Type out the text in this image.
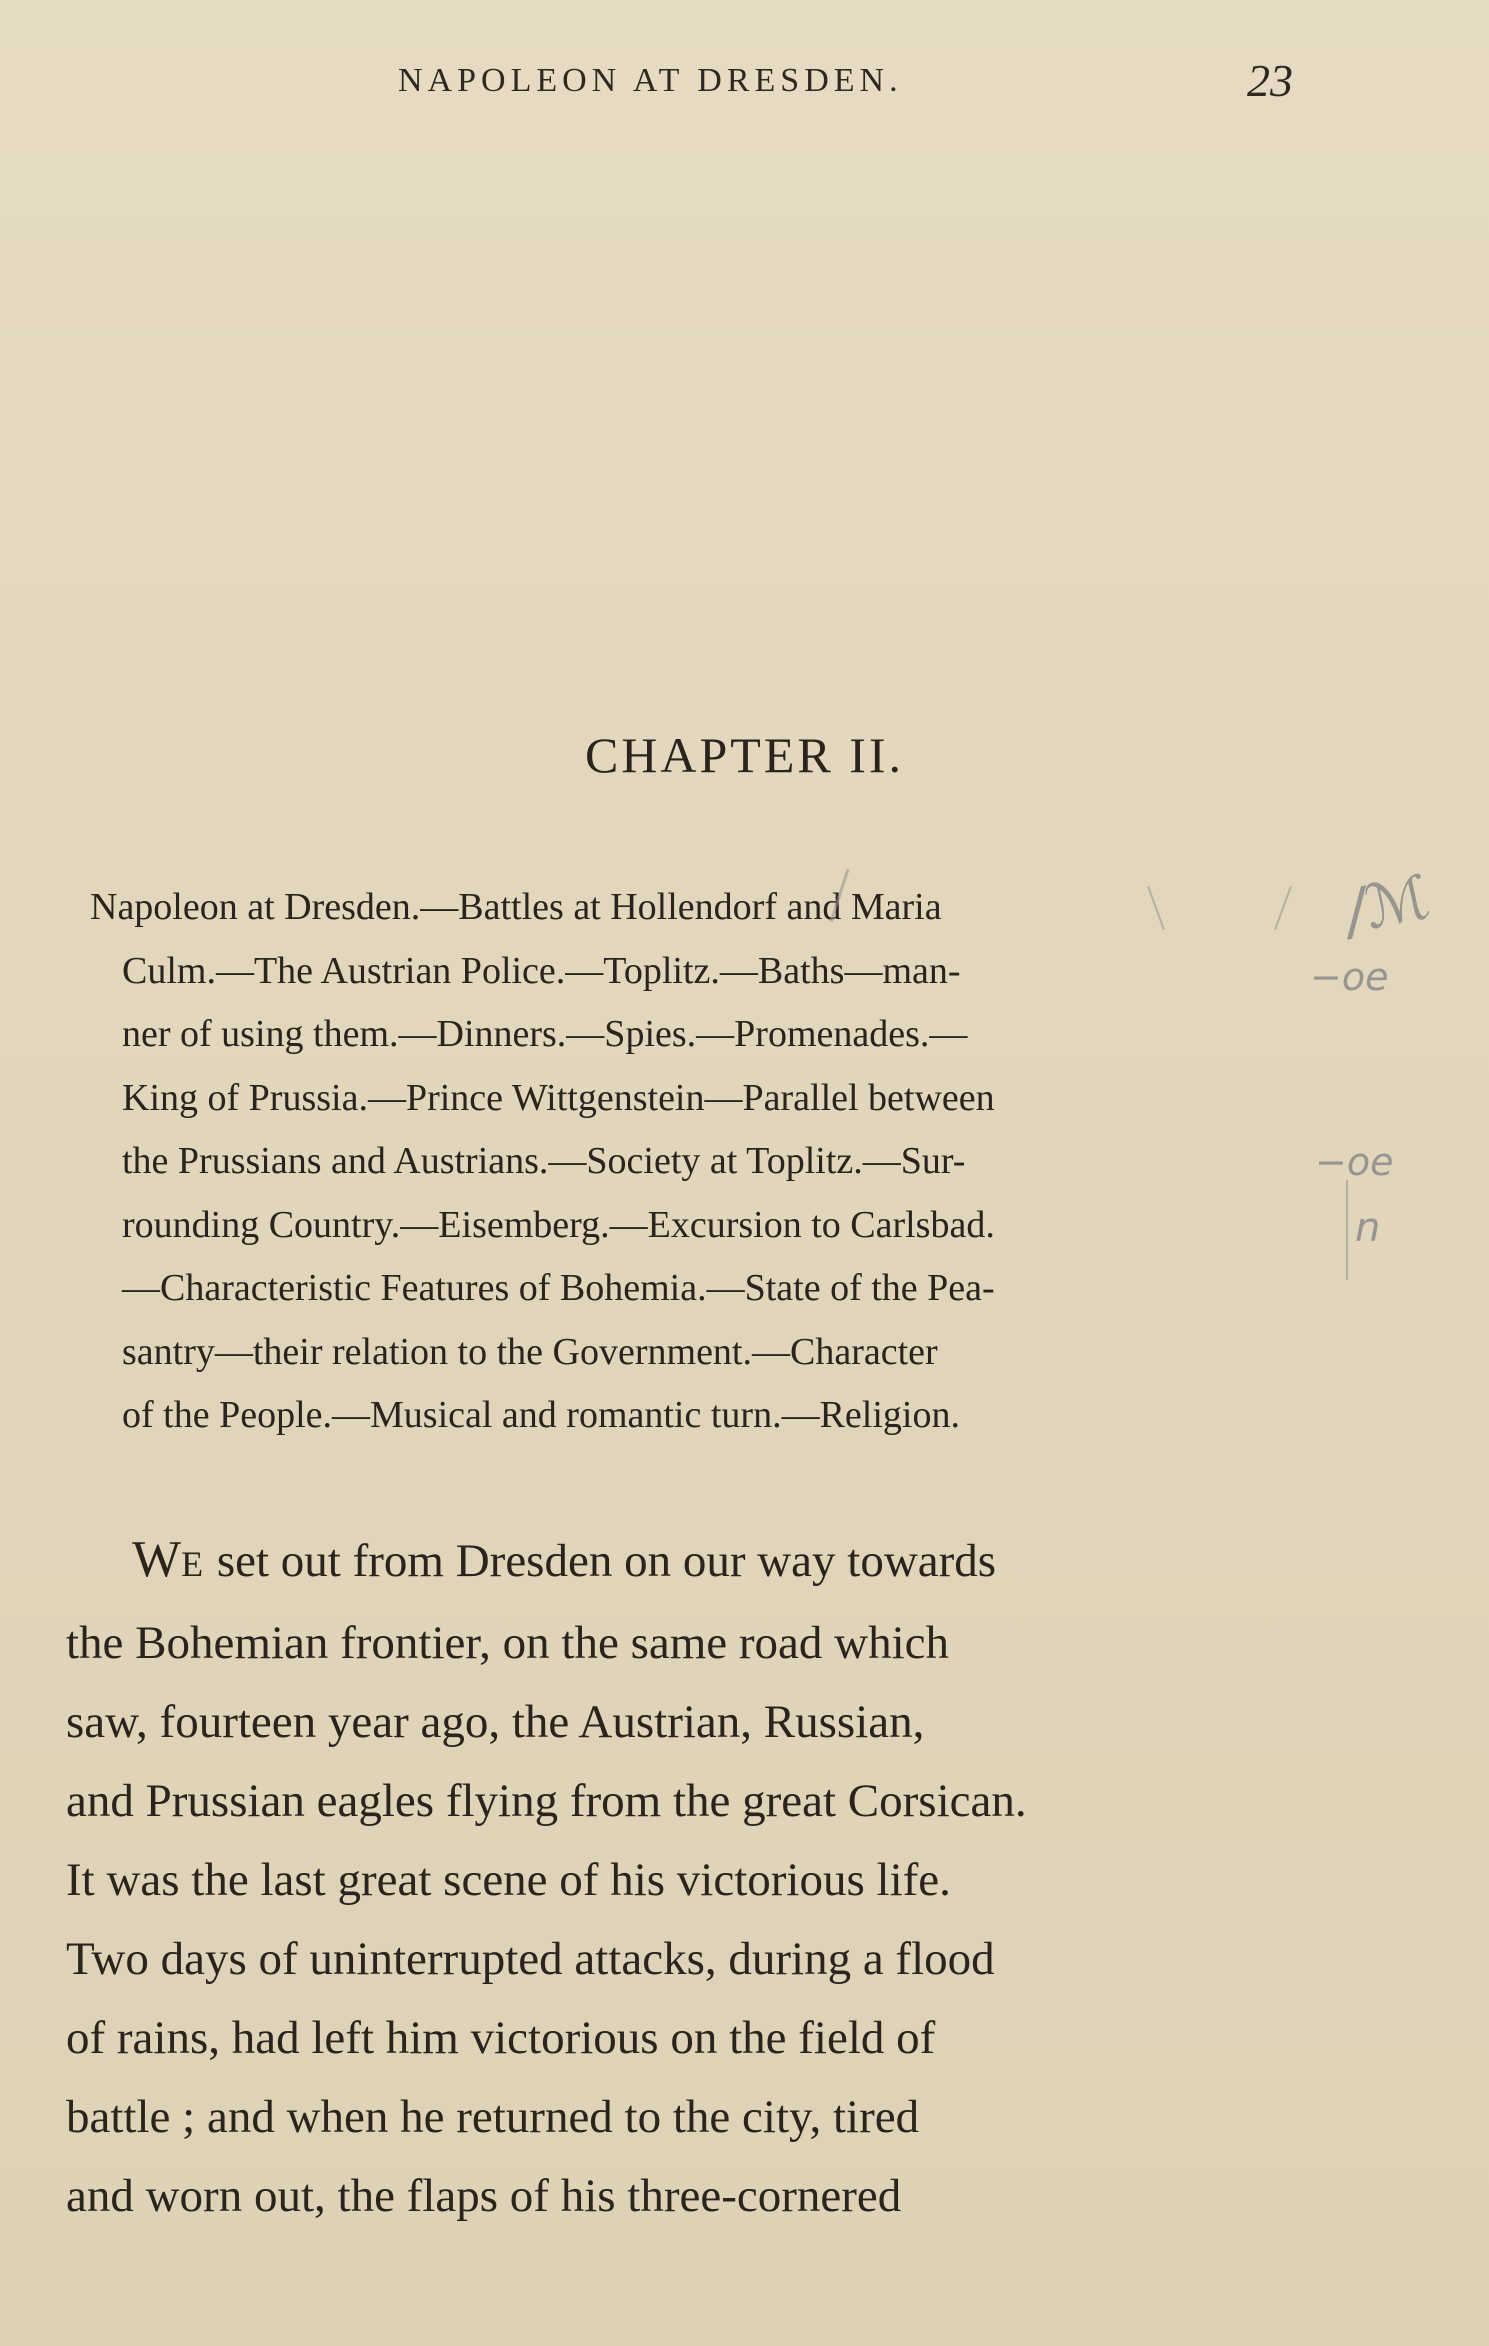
NAPOLEON AT DRESDEN.	23
CHAPTER II.
Napoleon at Dresden.—Battles at Hollendorf and Maria
Culm.—The Austrian Police.—Toplitz.—Baths—man-
ner of using them.—Dinners.—Spies.—Promenades.—
King of Prussia.—Prince Wittgenstein—Parallel between
the Prussians and Austrians.—Society at Toplitz.—Sur-
rounding Country.—Eisemberg.—Excursion to Carlsbad.
—Characteristic Features of Bohemia.—State of the Pea-
santry—their relation to the Government.—Character
of the People.—Musical and romantic turn.—Religion.
WE set out from Dresden on our way towards
the Bohemian frontier, on the same road which
saw, fourteen year ago, the Austrian, Russian,
and Prussian eagles flying from the great Corsican.
It was the last great scene of his victorious life.
Two days of uninterrupted attacks, during a flood
of rains, had left him victorious on the field of
battle ; and when he returned to the city, tired
and worn out, the flaps of his three-cornered
/ℳ
−oe
−oe
n
